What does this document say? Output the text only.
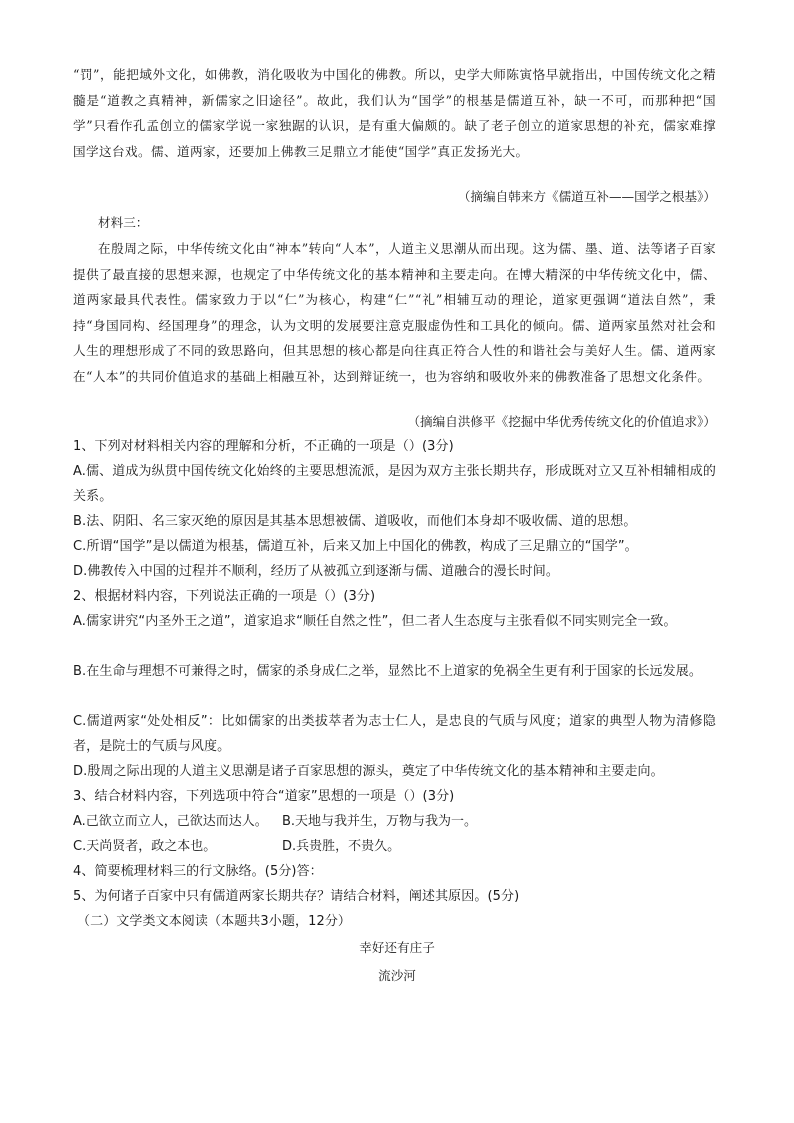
“罚”，能把域外文化，如佛教，消化吸收为中国化的佛教。所以，史学大师陈寅恪早就指出，中国传统文化之精髓是“道教之真精神，新儒家之旧途径”。故此，我们认为“国学”的根基是儒道互补，缺一不可，而那种把“国学”只看作孔孟创立的儒家学说一家独踞的认识，是有重大偏颇的。缺了老子创立的道家思想的补充，儒家难撑国学这台戏。儒、道两家，还要加上佛教三足鼎立才能使“国学”真正发扬光大。
（摘编自韩来方《儒道互补——国学之根基》）
材料三：
在殷周之际，中华传统文化由“神本”转向“人本”，人道主义思潮从而出现。这为儒、墨、道、法等诸子百家提供了最直接的思想来源，也规定了中华传统文化的基本精神和主要走向。在博大精深的中华传统文化中，儒、道两家最具代表性。儒家致力于以“仁”为核心，构建“仁”“礼”相辅互动的理论，道家更强调“道法自然”，秉持“身国同构、经国理身”的理念，认为文明的发展要注意克服虚伪性和工具化的倾向。儒、道两家虽然对社会和人生的理想形成了不同的致思路向，但其思想的核心都是向往真正符合人性的和谐社会与美好人生。儒、道两家在“人本”的共同价值追求的基础上相融互补，达到辩证统一，也为容纳和吸收外来的佛教准备了思想文化条件。
（摘编自洪修平《挖掘中华优秀传统文化的价值追求》）
1、下列对材料相关内容的理解和分析，不正确的一项是（）(3分)
A.儒、道成为纵贯中国传统文化始终的主要思想流派，是因为双方主张长期共存，形成既对立又互补相辅相成的关系。
B.法、阴阳、名三家灭绝的原因是其基本思想被儒、道吸收，而他们本身却不吸收儒、道的思想。
C.所谓“国学”是以儒道为根基，儒道互补，后来又加上中国化的佛教，构成了三足鼎立的“国学”。
D.佛教传入中国的过程并不顺利，经历了从被孤立到逐渐与儒、道融合的漫长时间。
2、根据材料内容，下列说法正确的一项是（）(3分)
A.儒家讲究“内圣外王之道”，道家追求“顺任自然之性”，但二者人生态度与主张看似不同实则完全一致。
B.在生命与理想不可兼得之时，儒家的杀身成仁之举，显然比不上道家的免祸全生更有利于国家的长远发展。
C.儒道两家“处处相反”：比如儒家的出类拔萃者为志士仁人，是忠良的气质与风度；道家的典型人物为清修隐者，是院士的气质与风度。
D.殷周之际出现的人道主义思潮是诸子百家思想的源头，奠定了中华传统文化的基本精神和主要走向。
3、结合材料内容，下列选项中符合“道家”思想的一项是（）(3分)
A.己欲立而立人，己欲达而达人。 B.天地与我并生，万物与我为一。
C.天尚贤者，政之本也。	D.兵贵胜，不贵久。
4、简要梳理材料三的行文脉络。(5分)答：
5、为何诸子百家中只有儒道两家长期共存？请结合材料，阐述其原因。(5分)
（二）文学类文本阅读（本题共3小题，12分）
幸好还有庄子
流沙河
